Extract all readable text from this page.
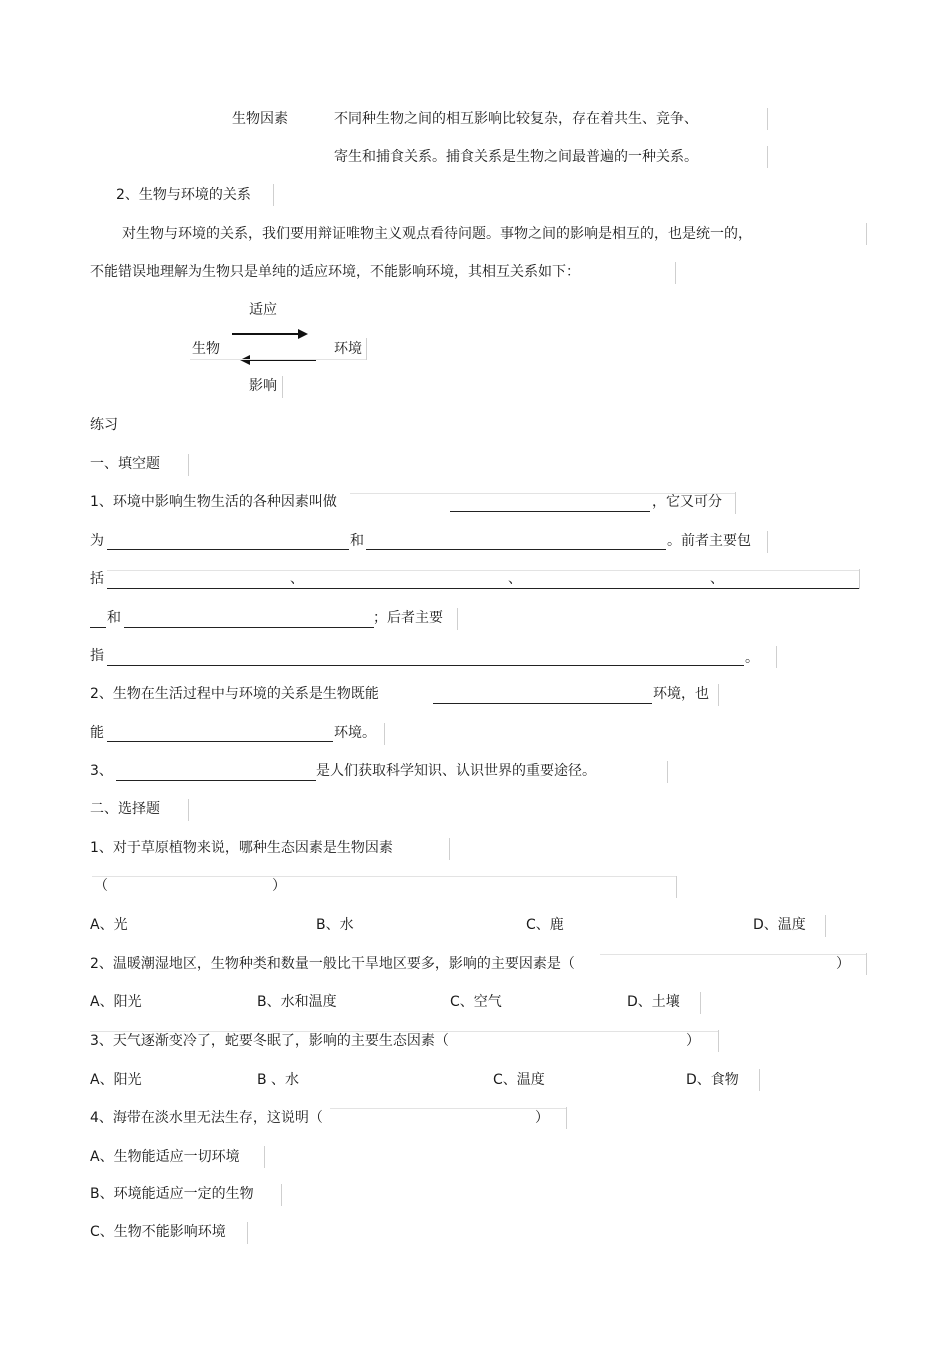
生物因素	不同种生物之间的相互影响比较复杂，存在着共生、竞争、
寄生和捕食关系。捕食关系是生物之间最普遍的一种关系。
2、生物与环境的关系
对生物与环境的关系，我们要用辩证唯物主义观点看待问题。事物之间的影响是相互的，也是统一的，
不能错误地理解为生物只是单纯的适应环境，不能影响环境，其相互关系如下：
适应
生物	环境
影响
练习
一、填空题
1、环境中影响生物生活的各种因素叫做	，它又可分
为	和	。前者主要包
括	、	、	、
和	；后者主要
指	。
2、生物在生活过程中与环境的关系是生物既能	环境，也
能	环境。
3、	是人们获取科学知识、认识世界的重要途径。
二、选择题
1、对于草原植物来说，哪种生态因素是生物因素
（	）
A、光	B、水	C、鹿	D、温度
2、温暖潮湿地区，生物种类和数量一般比干旱地区要多，影响的主要因素是（	）
A、阳光	B、水和温度	C、空气	D、土壤
3、天气逐渐变冷了，蛇要冬眠了，影响的主要生态因素（	）
A、阳光	B 、水	C、温度	D、食物
4、海带在淡水里无法生存，这说明（	）
A、生物能适应一切环境
B、环境能适应一定的生物
C、生物不能影响环境
